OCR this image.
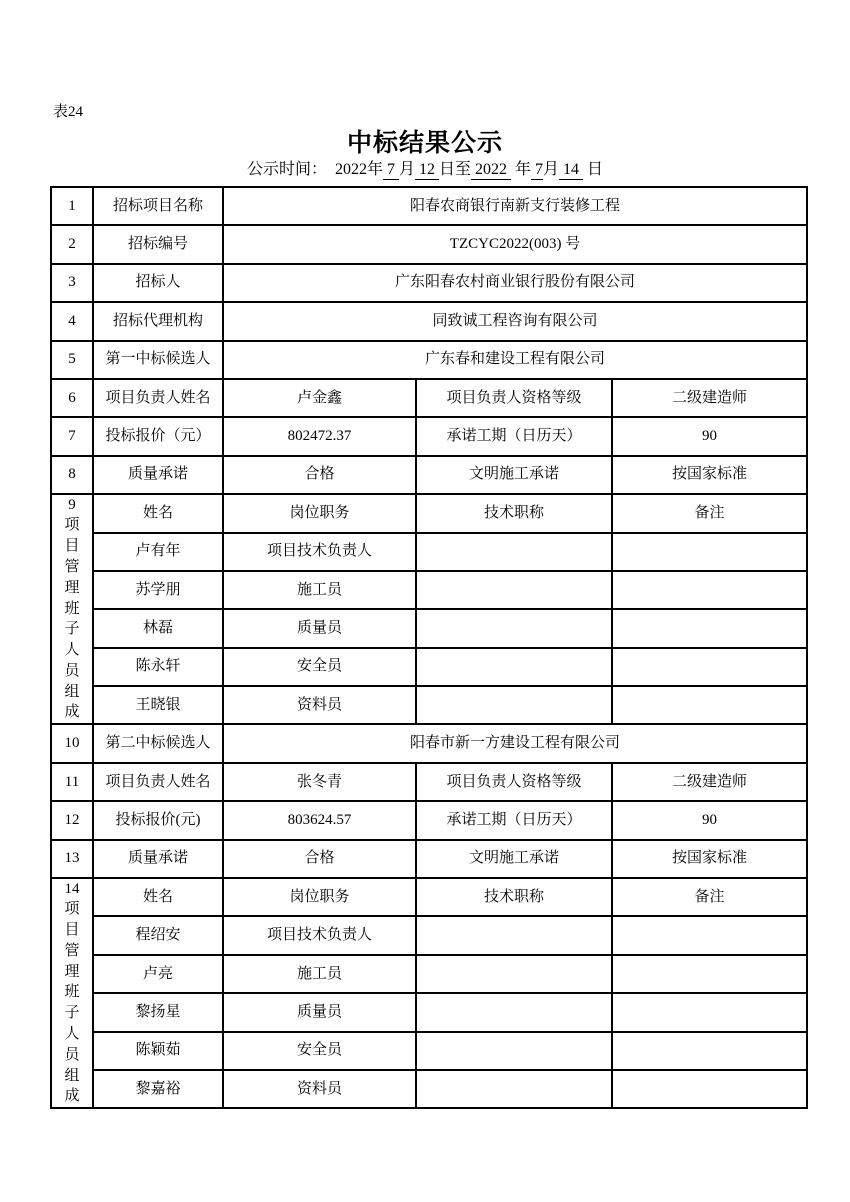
表24
中标结果公示
公示时间：  2022年 7 月 12 日至 2022  年 7月 14  日
1	招标项目名称	阳春农商银行南新支行装修工程		
2	招标编号	TZCYC2022(003) 号		
3	招标人	广东阳春农村商业银行股份有限公司		
4	招标代理机构	同致诚工程咨询有限公司		
5	第一中标候选人	广东春和建设工程有限公司		
6	项目负责人姓名	卢金鑫	项目负责人资格等级	二级建造师
7	投标报价（元）	802472.37	承诺工期（日历天）	90
8	质量承诺	合格	文明施工承诺	按国家标准

9
项目管理班子人员组成	姓名	岗位职务	技术职称	备注
	卢有年	项目技术负责人		
	苏学朋	施工员		
	林磊	质量员		
	陈永轩	安全员		
	王晓银	资料员		
10	第二中标候选人	阳春市新一方建设工程有限公司		
11	项目负责人姓名	张冬青	项目负责人资格等级	二级建造师
12	投标报价(元)	803624.57	承诺工期（日历天）	90
13	质量承诺	合格	文明施工承诺	按国家标准

14
项目管理班子人员组成	姓名	岗位职务	技术职称	备注
	程绍安	项目技术负责人		
	卢亮	施工员		
	黎扬星	质量员		
	陈颖茹	安全员		
	黎嘉裕	资料员		
